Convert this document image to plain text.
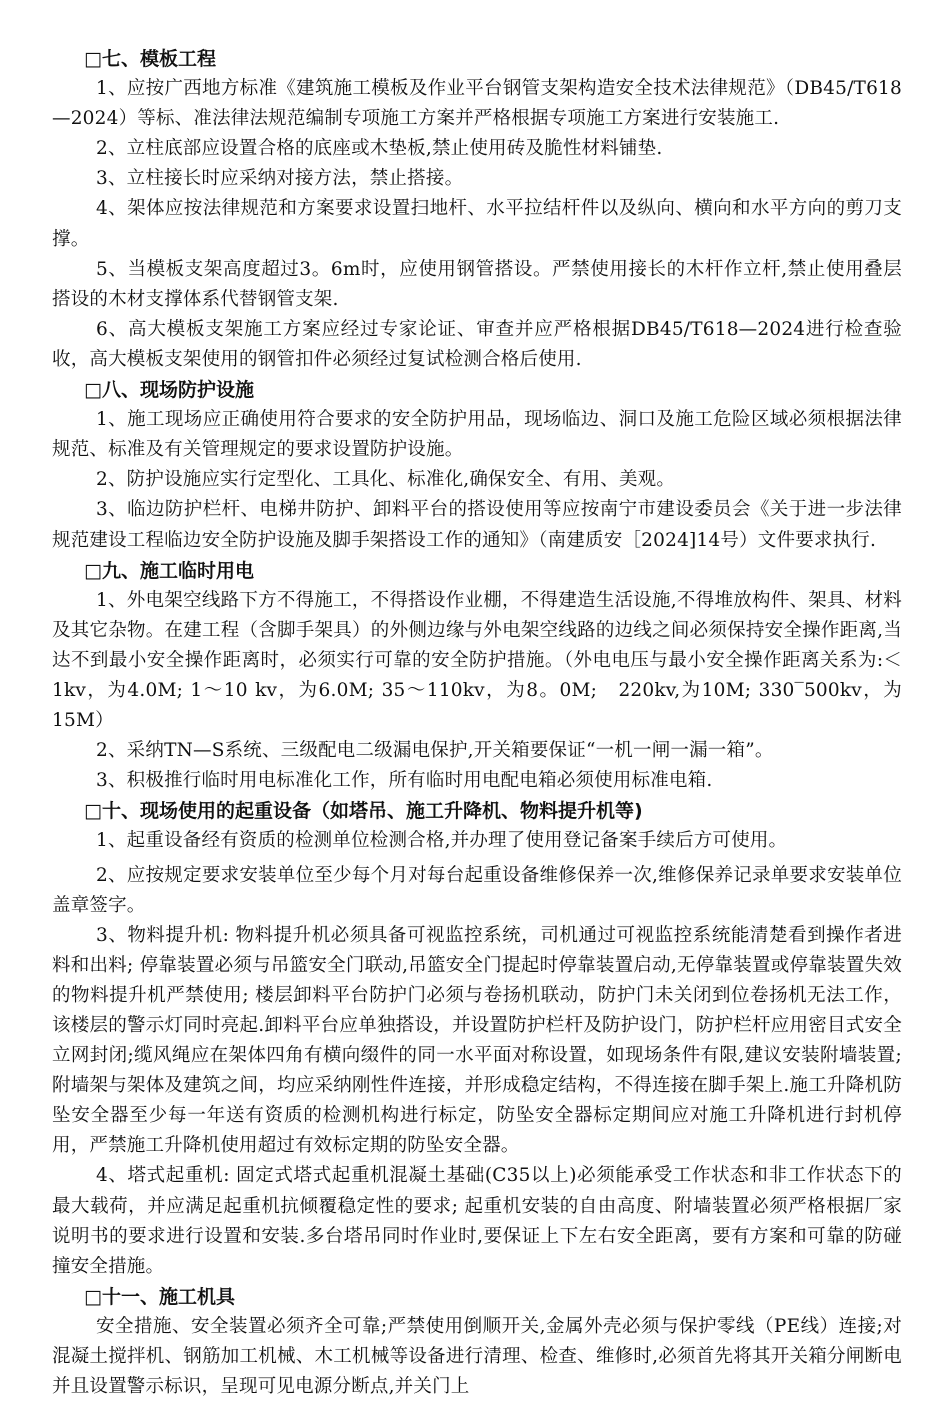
□七、模板工程

1、应按广西地方标准《建筑施工模板及作业平台钢管支架构造安全技术法律规范》（DB45/T618—2024）等标、准法律法规范编制专项施工方案并严格根据专项施工方案进行安装施工.

2、立柱底部应设置合格的底座或木垫板,禁止使用砖及脆性材料铺垫.

3、立柱接长时应采纳对接方法，禁止搭接。

4、架体应按法律规范和方案要求设置扫地杆、水平拉结杆件以及纵向、横向和水平方向的剪刀支撑。

5、当模板支架高度超过3。6m时，应使用钢管搭设。严禁使用接长的木杆作立杆,禁止使用叠层搭设的木材支撑体系代替钢管支架.

6、高大模板支架施工方案应经过专家论证、审查并应严格根据DB45/T618—2024进行检查验收，高大模板支架使用的钢管扣件必须经过复试检测合格后使用.

□八、现场防护设施

1、施工现场应正确使用符合要求的安全防护用品，现场临边、洞口及施工危险区域必须根据法律规范、标准及有关管理规定的要求设置防护设施。

2、防护设施应实行定型化、工具化、标准化,确保安全、有用、美观。

3、临边防护栏杆、电梯井防护、卸料平台的搭设使用等应按南宁市建设委员会《关于进一步法律规范建设工程临边安全防护设施及脚手架搭设工作的通知》（南建质安［2024]14号）文件要求执行.

□九、施工临时用电

1、外电架空线路下方不得施工，不得搭设作业棚，不得建造生活设施,不得堆放构件、架具、材料及其它杂物。在建工程（含脚手架具）的外侧边缘与外电架空线路的边线之间必须保持安全操作距离,当达不到最小安全操作距离时，必须实行可靠的安全防护措施。（外电电压与最小安全操作距离关系为:＜1kv，为4.0M; 1～10 kv，为6.0M; 35～110kv，为8。0M;　220kv,为10M; 330‾500kv，为15M）

2、采纳TN—S系统、三级配电二级漏电保护,开关箱要保证“一机一闸一漏一箱”。

3、积极推行临时用电标准化工作，所有临时用电配电箱必须使用标准电箱.

□十、现场使用的起重设备（如塔吊、施工升降机、物料提升机等)

1、起重设备经有资质的检测单位检测合格,并办理了使用登记备案手续后方可使用。

2、应按规定要求安装单位至少每个月对每台起重设备维修保养一次,维修保养记录单要求安装单位盖章签字。

3、物料提升机: 物料提升机必须具备可视监控系统，司机通过可视监控系统能清楚看到操作者进料和出料; 停靠装置必须与吊篮安全门联动,吊篮安全门提起时停靠装置启动,无停靠装置或停靠装置失效的物料提升机严禁使用; 楼层卸料平台防护门必须与卷扬机联动，防护门未关闭到位卷扬机无法工作，该楼层的警示灯同时亮起.卸料平台应单独搭设，并设置防护栏杆及防护设门，防护栏杆应用密目式安全立网封闭;缆风绳应在架体四角有横向缀件的同一水平面对称设置，如现场条件有限,建议安装附墙装置; 附墙架与架体及建筑之间，均应采纳刚性件连接，并形成稳定结构，不得连接在脚手架上.施工升降机防坠安全器至少每一年送有资质的检测机构进行标定，防坠安全器标定期间应对施工升降机进行封机停用，严禁施工升降机使用超过有效标定期的防坠安全器。

4、塔式起重机: 固定式塔式起重机混凝土基础(C35以上)必须能承受工作状态和非工作状态下的最大载荷，并应满足起重机抗倾覆稳定性的要求; 起重机安装的自由高度、附墙装置必须严格根据厂家说明书的要求进行设置和安装.多台塔吊同时作业时,要保证上下左右安全距离，要有方案和可靠的防碰撞安全措施。

□十一、施工机具

安全措施、安全装置必须齐全可靠;严禁使用倒顺开关,金属外壳必须与保护零线（PE线）连接;对混凝土搅拌机、钢筋加工机械、木工机械等设备进行清理、检查、维修时,必须首先将其开关箱分闸断电并且设置警示标识，呈现可见电源分断点,并关门上
